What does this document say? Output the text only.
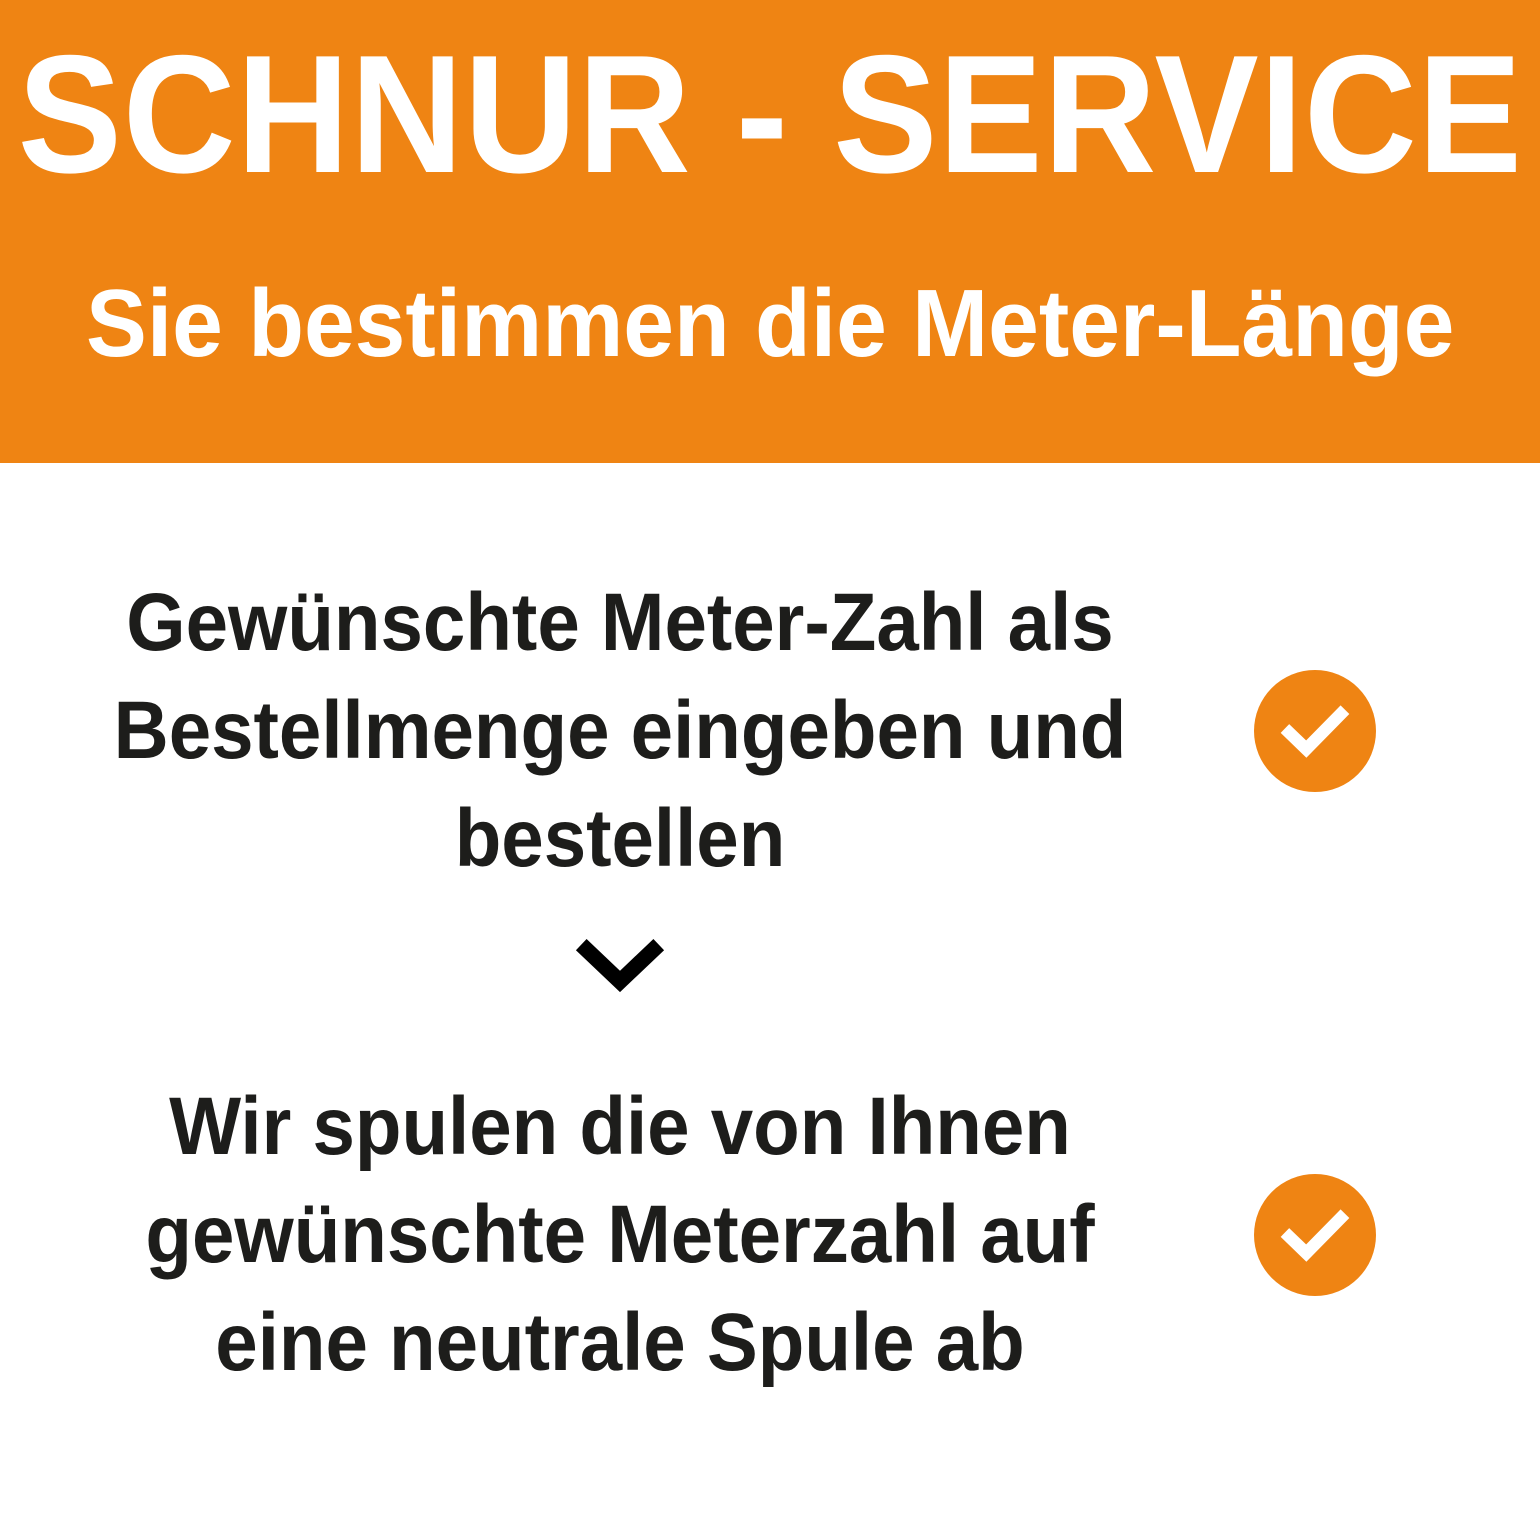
SCHNUR - SERVICE
Sie bestimmen die Meter-Länge
Gewünschte Meter-Zahl als Bestellmenge eingeben und bestellen
Wir spulen die von Ihnen gewünschte Meterzahl auf eine neutrale Spule ab
